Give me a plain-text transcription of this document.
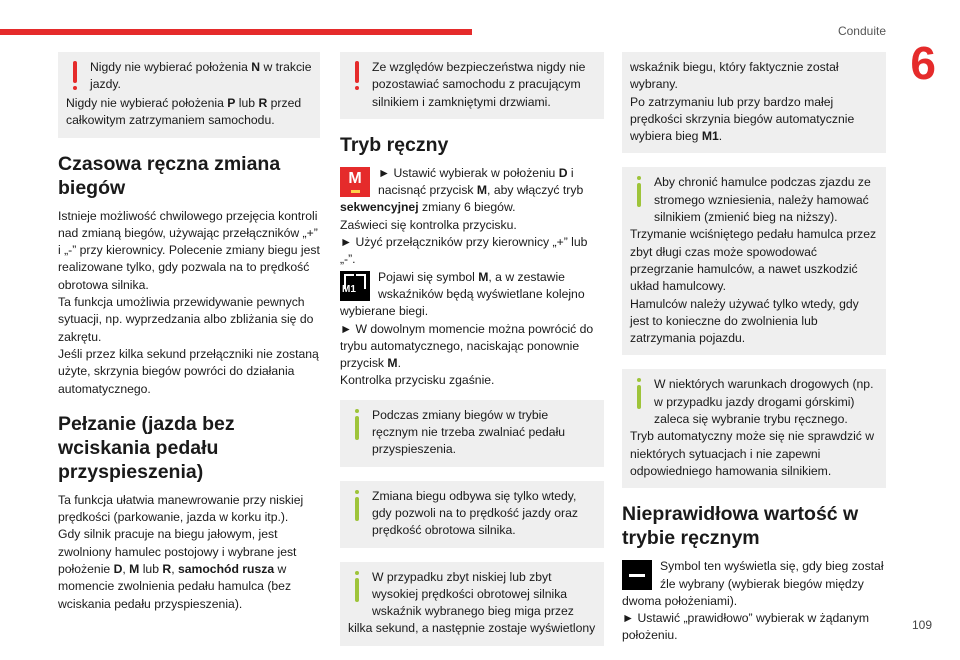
Conduite
6
109

Nigdy nie wybierać położenia N w trakcie jazdy.

Nigdy nie wybierać położenia P lub R przed całkowitym zatrzymaniem samochodu.

Czasowa ręczna zmiana biegów

Istnieje możliwość chwilowego przejęcia kontroli nad zmianą biegów, używając przełączników „+” i „-” przy kierownicy. Polecenie zmiany biegu jest realizowane tylko, gdy pozwala na to prędkość obrotowa silnika.

Ta funkcja umożliwia przewidywanie pewnych sytuacji, np. wyprzedzania albo zbliżania się do zakrętu.

Jeśli przez kilka sekund przełączniki nie zostaną użyte, skrzynia biegów powróci do działania automatycznego.

Pełzanie (jazda bez wciskania pedału przyspieszenia)

Ta funkcja ułatwia manewrowanie przy niskiej prędkości (parkowanie, jazda w korku itp.).

Gdy silnik pracuje na biegu jałowym, jest zwolniony hamulec postojowy i wybrane jest położenie D, M lub R, samochód rusza w momencie zwolnienia pedału hamulca (bez wciskania pedału przyspieszenia).

Ze względów bezpieczeństwa nigdy nie pozostawiać samochodu z pracującym silnikiem i zamkniętymi drzwiami.

Tryb ręczny
M	► Ustawić wybierak w położeniu D i nacisnąć przycisk M, aby włączyć tryb sekwencyjnej zmiany 6 biegów.

Zaświeci się kontrolka przycisku.

► Użyć przełączników przy kierownicy „+” lub „-”.

M1

Pojawi się symbol M, a w zestawie wskaźników będą wyświetlane kolejno wybierane biegi.

► W dowolnym momencie można powrócić do trybu automatycznego, naciskając ponownie przycisk M.

Kontrolka przycisku zgaśnie.

Podczas zmiany biegów w trybie ręcznym nie trzeba zwalniać pedału przyspieszenia.

Zmiana biegu odbywa się tylko wtedy, gdy pozwoli na to prędkość jazdy oraz prędkość obrotowa silnika.

W przypadku zbyt niskiej lub zbyt wysokiej prędkości obrotowej silnika wskaźnik wybranego bieg miga przez kilka sekund, a następnie zostaje wyświetlony

wskaźnik biegu, który faktycznie został wybrany.

Po zatrzymaniu lub przy bardzo małej prędkości skrzynia biegów automatycznie wybiera bieg M1.

Aby chronić hamulce podczas zjazdu ze stromego wzniesienia, należy hamować silnikiem (zmienić bieg na niższy).

Trzymanie wciśniętego pedału hamulca przez zbyt długi czas może spowodować przegrzanie hamulców, a nawet uszkodzić układ hamulcowy.

Hamulców należy używać tylko wtedy, gdy jest to konieczne do zwolnienia lub zatrzymania pojazdu.

W niektórych warunkach drogowych (np. w przypadku jazdy drogami górskimi) zaleca się wybranie trybu ręcznego.

Tryb automatyczny może się nie sprawdzić w niektórych sytuacjach i nie zapewni odpowiedniego hamowania silnikiem.

Nieprawidłowa wartość w trybie ręcznym

Symbol ten wyświetla się, gdy bieg został źle wybrany (wybierak biegów między dwoma położeniami).

► Ustawić „prawidłowo” wybierak w żądanym położeniu.
